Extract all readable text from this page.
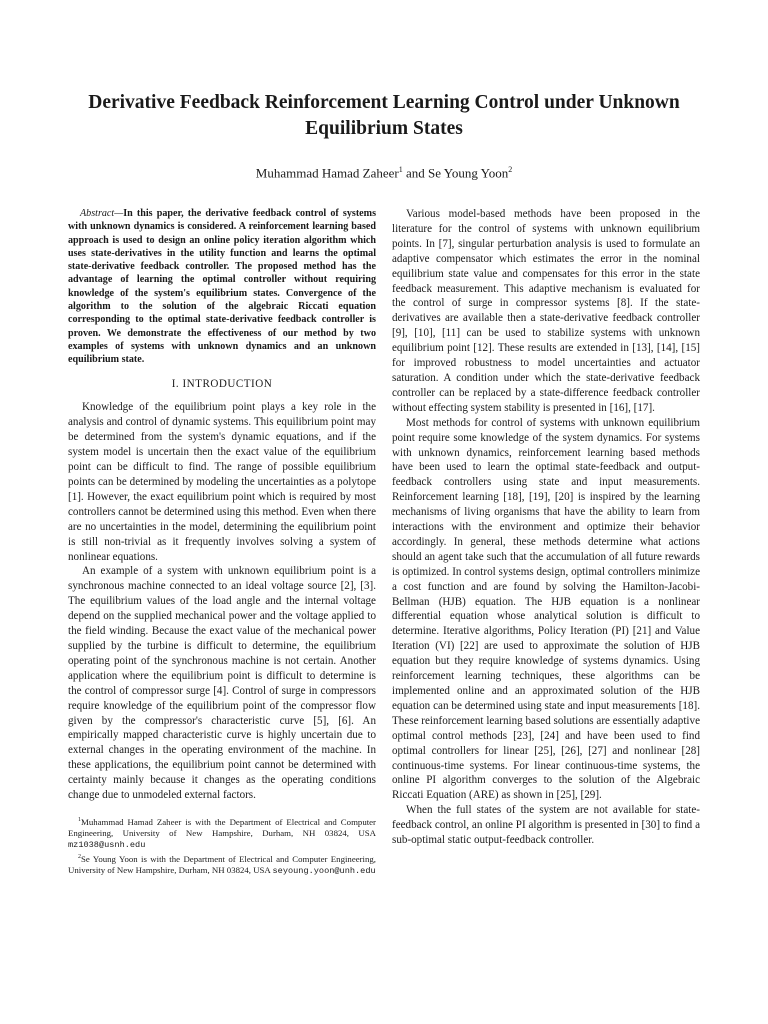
Derivative Feedback Reinforcement Learning Control under Unknown Equilibrium States
Muhammad Hamad Zaheer$^1$ and Se Young Yoon$^2$

Abstract—In this paper, the derivative feedback control of systems with unknown dynamics is considered. A reinforcement learning based approach is used to design an online policy iteration algorithm which uses state-derivatives in the utility function and learns the optimal state-derivative feedback controller. The proposed method has the advantage of learning the optimal controller without requiring knowledge of the system's equilibrium states. Convergence of the algorithm to the solution of the algebraic Riccati equation corresponding to the optimal state-derivative feedback controller is proven. We demonstrate the effectiveness of our method by two examples of systems with unknown dynamics and an unknown equilibrium state.

I. INTRODUCTION

Knowledge of the equilibrium point plays a key role in the analysis and control of dynamic systems. This equilibrium point may be determined from the system's dynamic equations, and if the system model is uncertain then the exact value of the equilibrium point can be difficult to find. The range of possible equilibrium points can be determined by modeling the uncertainties as a polytope [1]. However, the exact equilibrium point which is required by most controllers cannot be determined using this method. Even when there are no uncertainties in the model, determining the equilibrium point is still non-trivial as it frequently involves solving a system of nonlinear equations.

An example of a system with unknown equilibrium point is a synchronous machine connected to an ideal voltage source [2], [3]. The equilibrium values of the load angle and the internal voltage depend on the supplied mechanical power and the voltage applied to the field winding. Because the exact value of the mechanical power supplied by the turbine is difficult to determine, the equilibrium operating point of the synchronous machine is not certain. Another application where the equilibrium point is difficult to determine is the control of compressor surge [4]. Control of surge in compressors require knowledge of the equilibrium point of the compressor flow given by the compressor's characteristic curve [5], [6]. An empirically mapped characteristic curve is highly uncertain due to external changes in the operating environment of the machine. In these applications, the equilibrium point cannot be determined with certainty mainly because it changes as the operating conditions change due to unmodeled external factors.

$^1$Muhammad Hamad Zaheer is with the Department of Electrical and Computer Engineering, University of New Hampshire, Durham, NH 03824, USA mz1038@usnh.edu

$^2$Se Young Yoon is with the Department of Electrical and Computer Engineering, University of New Hampshire, Durham, NH 03824, USA seyoung.yoon@unh.edu

Various model-based methods have been proposed in the literature for the control of systems with unknown equilibrium points. In [7], singular perturbation analysis is used to formulate an adaptive compensator which estimates the error in the nominal equilibrium state value and compensates for this error in the state feedback measurement. This adaptive mechanism is evaluated for the control of surge in compressor systems [8]. If the state-derivatives are available then a state-derivative feedback controller [9], [10], [11] can be used to stabilize systems with unknown equilibrium point [12]. These results are extended in [13], [14], [15] for improved robustness to model uncertainties and actuator saturation. A condition under which the state-derivative feedback controller can be replaced by a state-difference feedback controller without effecting system stability is presented in [16], [17].

Most methods for control of systems with unknown equilibrium point require some knowledge of the system dynamics. For systems with unknown dynamics, reinforcement learning based methods have been used to learn the optimal state-feedback and output-feedback controllers using state and input measurements. Reinforcement learning [18], [19], [20] is inspired by the learning mechanisms of living organisms that have the ability to learn from interactions with the environment and optimize their behavior accordingly. In general, these methods determine what actions should an agent take such that the accumulation of all future rewards is optimized. In control systems design, optimal controllers minimize a cost function and are found by solving the Hamilton-Jacobi-Bellman (HJB) equation. The HJB equation is a nonlinear differential equation whose analytical solution is difficult to determine. Iterative algorithms, Policy Iteration (PI) [21] and Value Iteration (VI) [22] are used to approximate the solution of HJB equation but they require knowledge of systems dynamics. Using reinforcement learning techniques, these algorithms can be implemented online and an approximated solution of the HJB equation can be determined using state and input measurements [18]. These reinforcement learning based solutions are essentially adaptive optimal control methods [23], [24] and have been used to find optimal controllers for linear [25], [26], [27] and nonlinear [28] continuous-time systems. For linear continuous-time systems, the online PI algorithm converges to the solution of the Algebraic Riccati Equation (ARE) as shown in [25], [29].

When the full states of the system are not available for state-feedback control, an online PI algorithm is presented in [30] to find a sub-optimal static output-feedback controller.
